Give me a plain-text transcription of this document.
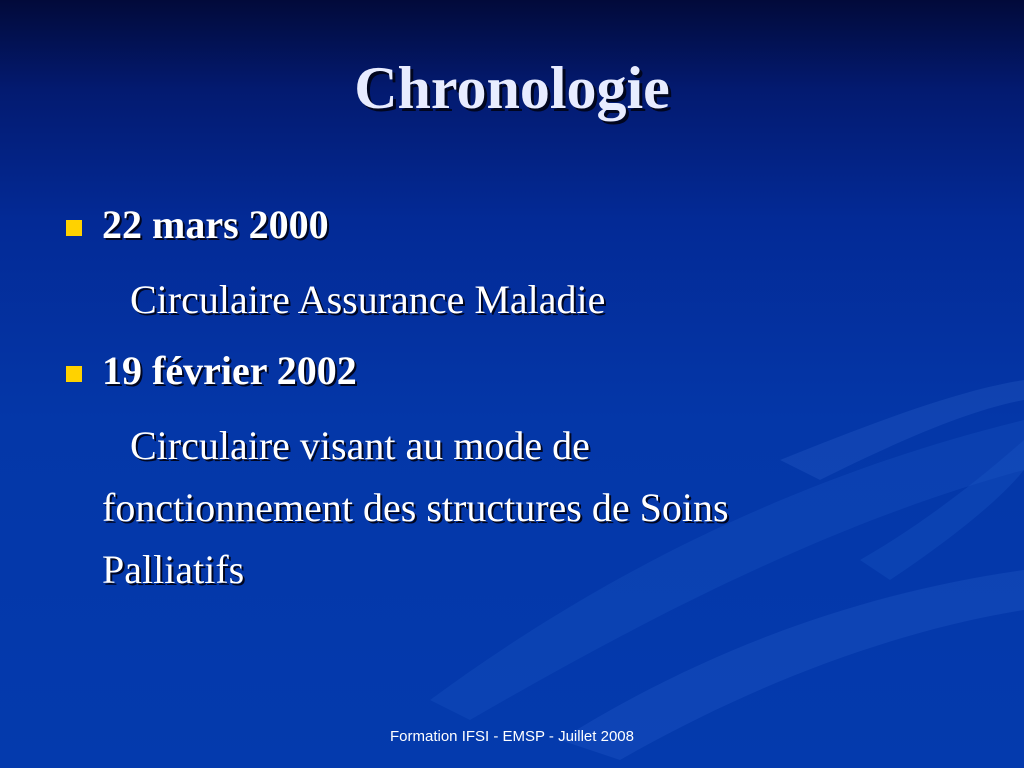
Chronologie
22 mars 2000
Circulaire Assurance Maladie
19 février 2002
Circulaire visant au mode de
fonctionnement des structures de Soins
Palliatifs
Formation IFSI - EMSP - Juillet 2008
